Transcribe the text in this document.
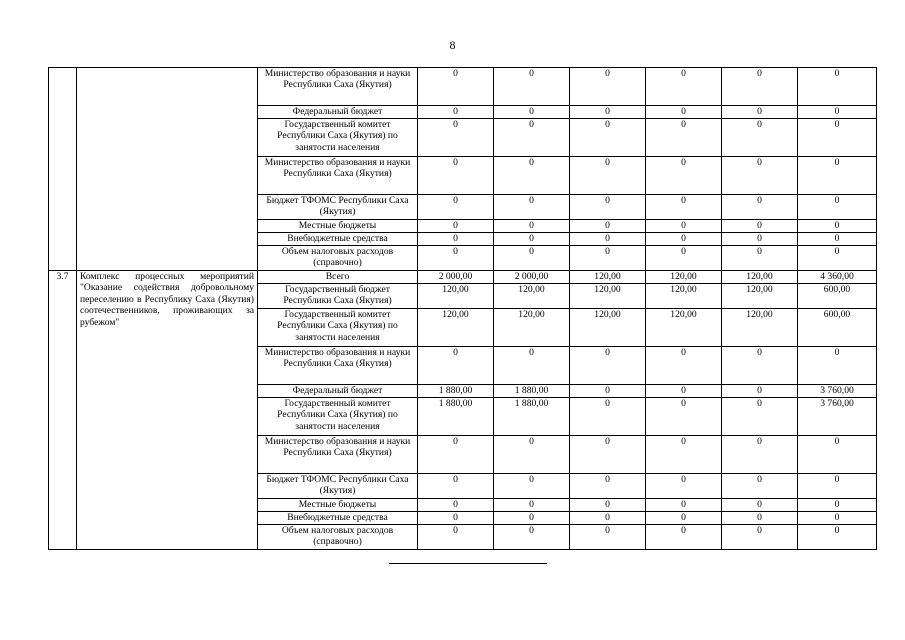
8
		Министерство образования и науки Республики Саха (Якутия)	0	0	0	0	0	0
		Федеральный бюджет	0	0	0	0	0	0
		Государственный комитет Республики Саха (Якутия) по занятости населения	0	0	0	0	0	0
		Министерство образования и науки Республики Саха (Якутия)	0	0	0	0	0	0
		Бюджет ТФОМС Республики Саха (Якутия)	0	0	0	0	0	0
		Местные бюджеты	0	0	0	0	0	0
		Внебюджетные средства	0	0	0	0	0	0
		Объем налоговых расходов (справочно)	0	0	0	0	0	0
3.7	Комплекс процессных мероприятий "Оказание содействия добровольному переселению в Республику Саха (Якутия) соотечественников, проживающих за рубежом"	Всего	2 000,00	2 000,00	120,00	120,00	120,00	4 360,00
		Государственный бюджет Республики Саха (Якутия)	120,00	120,00	120,00	120,00	120,00	600,00
		Государственный комитет Республики Саха (Якутия) по занятости населения	120,00	120,00	120,00	120,00	120,00	600,00
		Министерство образования и науки Республики Саха (Якутия)	0	0	0	0	0	0
		Федеральный бюджет	1 880,00	1 880,00	0	0	0	3 760,00
		Государственный комитет Республики Саха (Якутия) по занятости населения	1 880,00	1 880,00	0	0	0	3 760,00
		Министерство образования и науки Республики Саха (Якутия)	0	0	0	0	0	0
		Бюджет ТФОМС Республики Саха (Якутия)	0	0	0	0	0	0
		Местные бюджеты	0	0	0	0	0	0
		Внебюджетные средства	0	0	0	0	0	0
		Объем налоговых расходов (справочно)	0	0	0	0	0	0
